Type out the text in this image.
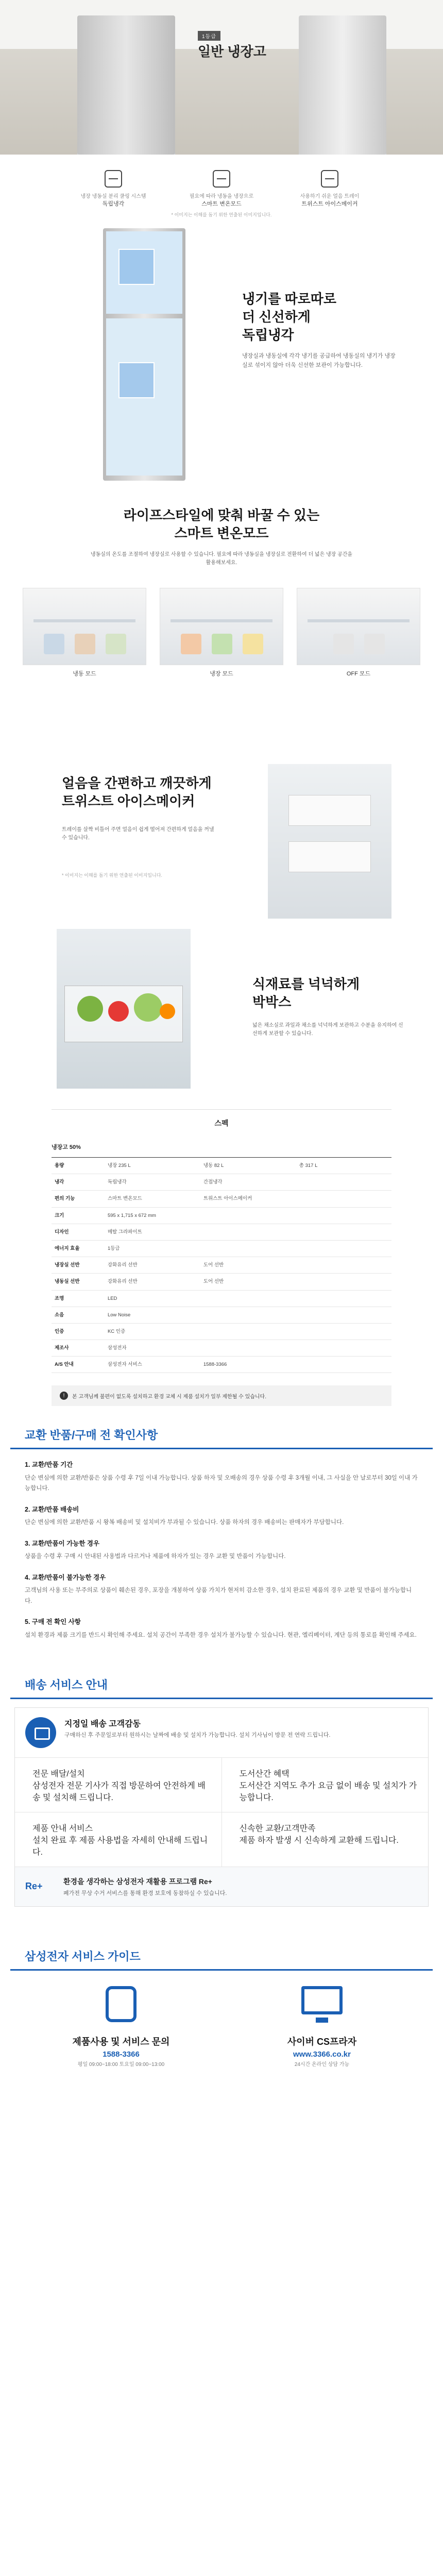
1등급
일반 냉장고
냉장 냉동실 분리 쿨링 시스템
독립냉각
필요에 따라 냉동을 냉장으로
스마트 변온모드
사용하기 쉬운 얼음 트레이
트위스트 아이스메이커
* 이미지는 이해를 돕기 위한 연출된 이미지입니다.
냉기를 따로따로
더 신선하게
독립냉각
냉장실과 냉동실에 각각 냉기를 공급하여 냉동실의 냉기가 냉장실로 섞이지 않아 더욱 신선한 보관이 가능합니다.
라이프스타일에 맞춰 바꿀 수 있는
스마트 변온모드
냉동실의 온도를 조절하여 냉장실로 사용할 수 있습니다. 필요에 따라 냉동실을 냉장실로 전환하여 더 넓은 냉장 공간을 활용해보세요.
냉동 모드	냉장 모드	OFF 모드
얼음을 간편하고 깨끗하게
트위스트 아이스메이커
트레이를 살짝 비틀어 주면 얼음이 쉽게 떨어져 간편하게 얼음을 꺼낼 수 있습니다.
* 이미지는 이해를 돕기 위한 연출된 이미지입니다.
식재료를 넉넉하게
박박스
넓은 채소실로 과일과 채소를 넉넉하게 보관하고 수분을 유지하여 신선하게 보관할 수 있습니다.
스펙
냉장고 50%
용량	냉장 235 L	냉동 82 L	총 317 L
냉각	독립냉각	간접냉각	
편의 기능	스마트 변온모드	트위스트 아이스메이커	
크기	595 x 1,715 x 672 mm		
디자인	메탈 그라파이트		
에너지 효율	1등급		
냉장실 선반	강화유리 선반	도어 선반	
냉동실 선반	강화유리 선반	도어 선반	
조명	LED		
소음	Low Noise		
인증	KC 인증		
제조사	삼성전자		
A/S 안내	삼성전자 서비스	1588-3366	
!	본 고객님께 불편이 없도록 설치하고 환경 교체 시 제품 설치가 일부 제한될 수 있습니다.
교환 반품/구매 전 확인사항
1. 교환/반품 기간

단순 변심에 의한 교환/반품은 상품 수령 후 7일 이내 가능합니다. 상품 하자 및 오배송의 경우 상품 수령 후 3개월 이내, 그 사실을 안 날로부터 30일 이내 가능합니다.

2. 교환/반품 배송비

단순 변심에 의한 교환/반품 시 왕복 배송비 및 설치비가 부과될 수 있습니다. 상품 하자의 경우 배송비는 판매자가 부담합니다.

3. 교환/반품이 가능한 경우

상품을 수령 후 구매 시 안내된 사용법과 다르거나 제품에 하자가 있는 경우 교환 및 반품이 가능합니다.

4. 교환/반품이 불가능한 경우

고객님의 사용 또는 부주의로 상품이 훼손된 경우, 포장을 개봉하여 상품 가치가 현저히 감소한 경우, 설치 완료된 제품의 경우 교환 및 반품이 불가능합니다.

5. 구매 전 확인 사항

설치 환경과 제품 크기를 반드시 확인해 주세요. 설치 공간이 부족한 경우 설치가 불가능할 수 있습니다. 현관, 엘리베이터, 계단 등의 통로를 확인해 주세요.

배송 서비스 안내
지정일 배송 고객감동
구매하신 후 주문일로부터 원하시는 날짜에 배송 및 설치가 가능합니다. 설치 기사님이 방문 전 연락 드립니다.
전문 배달/설치
삼성전자 전문 기사가 직접 방문하여 안전하게 배송 및 설치해 드립니다.
도서산간 혜택
도서산간 지역도 추가 요금 없이 배송 및 설치가 가능합니다.
제품 안내 서비스
설치 완료 후 제품 사용법을 자세히 안내해 드립니다.
신속한 교환/고객만족
제품 하자 발생 시 신속하게 교환해 드립니다.
Re+	환경을 생각하는 삼성전자 재활용 프로그램 Re+
폐가전 무상 수거 서비스를 통해 환경 보호에 동참하실 수 있습니다.
삼성전자 서비스 가이드
제품사용 및 서비스 문의
1588-3366
평일 09:00~18:00 토요일 09:00~13:00
사이버 CS프라자
www.3366.co.kr
24시간 온라인 상담 가능
